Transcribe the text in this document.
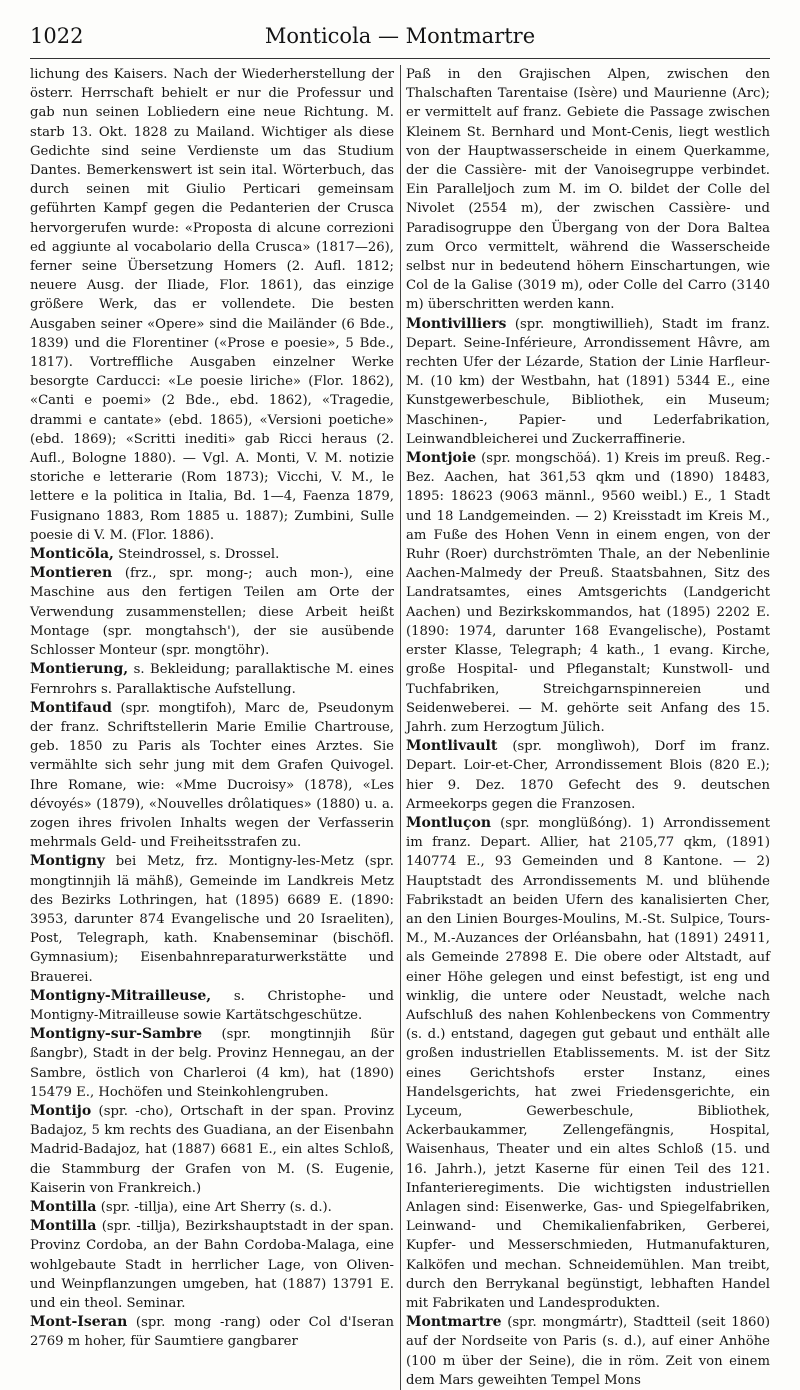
1022	Monticola — Montmartre

lichung des Kaisers. Nach der Wiederherstellung der österr. Herrschaft behielt er nur die Professur und gab nun seinen Lobliedern eine neue Richtung. M. starb 13. Okt. 1828 zu Mailand. Wichtiger als diese Gedichte sind seine Verdienste um das Studium Dantes. Bemerkenswert ist sein ital. Wörterbuch, das durch seinen mit Giulio Perticari gemeinsam geführten Kampf gegen die Pedanterien der Crusca hervorgerufen wurde: «Proposta di alcune correzioni ed aggiunte al vocabolario della Crusca» (1817—26), ferner seine Übersetzung Homers (2. Aufl. 1812; neuere Ausg. der Iliade, Flor. 1861), das einzige größere Werk, das er vollendete. Die besten Ausgaben seiner «Opere» sind die Mailänder (6 Bde., 1839) und die Florentiner («Prose e poesie», 5 Bde., 1817). Vortreffliche Ausgaben einzelner Werke besorgte Carducci: «Le poesie liriche» (Flor. 1862), «Canti e poemi» (2 Bde., ebd. 1862), «Tragedie, drammi e cantate» (ebd. 1865), «Versioni poetiche» (ebd. 1869); «Scritti inediti» gab Ricci heraus (2. Aufl., Bologne 1880). — Vgl. A. Monti, V. M. notizie storiche e letterarie (Rom 1873); Vicchi, V. M., le lettere e la politica in Italia, Bd. 1—4, Faenza 1879, Fusignano 1883, Rom 1885 u. 1887); Zumbini, Sulle poesie di V. M. (Flor. 1886).

Monticŏla, Steindrossel, s. Drossel.

Montieren (frz., spr. mong-; auch mon-), eine Maschine aus den fertigen Teilen am Orte der Verwendung zusammenstellen; diese Arbeit heißt Montage (spr. mongtahsch'), der sie ausübende Schlosser Monteur (spr. mongtöhr).

Montierung, s. Bekleidung; parallaktische M. eines Fernrohrs s. Parallaktische Aufstellung.

Montifaud (spr. mongtifoh), Marc de, Pseudonym der franz. Schriftstellerin Marie Emilie Chartrouse, geb. 1850 zu Paris als Tochter eines Arztes. Sie vermählte sich sehr jung mit dem Grafen Quivogel. Ihre Romane, wie: «Mme Ducroisy» (1878), «Les dévoyés» (1879), «Nouvelles drôlatiques» (1880) u. a. zogen ihres frivolen Inhalts wegen der Verfasserin mehrmals Geld- und Freiheitsstrafen zu.

Montigny bei Metz, frz. Montigny-les-Metz (spr. mongtinnjih lä mähß), Gemeinde im Landkreis Metz des Bezirks Lothringen, hat (1895) 6689 E. (1890: 3953, darunter 874 Evangelische und 20 Israeliten), Post, Telegraph, kath. Knabenseminar (bischöfl. Gymnasium); Eisenbahnreparaturwerkstätte und Brauerei.

Montigny-Mitrailleuse, s. Christophe- und Montigny-Mitrailleuse sowie Kartätschgeschütze.

Montigny-sur-Sambre (spr. mongtinnjih ßür ßangbr), Stadt in der belg. Provinz Hennegau, an der Sambre, östlich von Charleroi (4 km), hat (1890) 15479 E., Hochöfen und Steinkohlengruben.

Montijo (spr. -cho), Ortschaft in der span. Provinz Badajoz, 5 km rechts des Guadiana, an der Eisenbahn Madrid-Badajoz, hat (1887) 6681 E., ein altes Schloß, die Stammburg der Grafen von M. (S. Eugenie, Kaiserin von Frankreich.)

Montilla (spr. -tillja), eine Art Sherry (s. d.).

Montilla (spr. -tillja), Bezirkshauptstadt in der span. Provinz Cordoba, an der Bahn Cordoba-Malaga, eine wohlgebaute Stadt in herrlicher Lage, von Oliven- und Weinpflanzungen umgeben, hat (1887) 13791 E. und ein theol. Seminar.

Mont-Iseran (spr. mong -rang) oder Col d'Iseran 2769 m hoher, für Saumtiere gangbarer

Paß in den Grajischen Alpen, zwischen den Thalschaften Tarentaise (Isère) und Maurienne (Arc); er vermittelt auf franz. Gebiete die Passage zwischen Kleinem St. Bernhard und Mont-Cenis, liegt westlich von der Hauptwasserscheide in einem Querkamme, der die Cassière- mit der Vanoisegruppe verbindet. Ein Paralleljoch zum M. im O. bildet der Colle del Nivolet (2554 m), der zwischen Cassière- und Paradisogruppe den Übergang von der Dora Baltea zum Orco vermittelt, während die Wasserscheide selbst nur in bedeutend höhern Einschartungen, wie Col de la Galise (3019 m), oder Colle del Carro (3140 m) überschritten werden kann.

Montivilliers (spr. mongtiwillieh), Stadt im franz. Depart. Seine-Inférieure, Arrondissement Hâvre, am rechten Ufer der Lézarde, Station der Linie Harfleur-M. (10 km) der Westbahn, hat (1891) 5344 E., eine Kunstgewerbeschule, Bibliothek, ein Museum; Maschinen-, Papier- und Lederfabrikation, Leinwandbleicherei und Zuckerraffinerie.

Montjoie (spr. mongschöá). 1) Kreis im preuß. Reg.-Bez. Aachen, hat 361,53 qkm und (1890) 18483, 1895: 18623 (9063 männl., 9560 weibl.) E., 1 Stadt und 18 Landgemeinden. — 2) Kreisstadt im Kreis M., am Fuße des Hohen Venn in einem engen, von der Ruhr (Roer) durchströmten Thale, an der Nebenlinie Aachen-Malmedy der Preuß. Staatsbahnen, Sitz des Landratsamtes, eines Amtsgerichts (Landgericht Aachen) und Bezirkskommandos, hat (1895) 2202 E. (1890: 1974, darunter 168 Evangelische), Postamt erster Klasse, Telegraph; 4 kath., 1 evang. Kirche, große Hospital- und Pfleganstalt; Kunstwoll- und Tuchfabriken, Streichgarnspinnereien und Seidenweberei. — M. gehörte seit Anfang des 15. Jahrh. zum Herzogtum Jülich.

Montlivault (spr. monglìwoh), Dorf im franz. Depart. Loir-et-Cher, Arrondissement Blois (820 E.); hier 9. Dez. 1870 Gefecht des 9. deutschen Armeekorps gegen die Franzosen.

Montluçon (spr. monglüßóng). 1) Arrondissement im franz. Depart. Allier, hat 2105,77 qkm, (1891) 140774 E., 93 Gemeinden und 8 Kantone. — 2) Hauptstadt des Arrondissements M. und blühende Fabrikstadt an beiden Ufern des kanalisierten Cher, an den Linien Bourges-Moulins, M.-St. Sulpice, Tours-M., M.-Auzances der Orléansbahn, hat (1891) 24911, als Gemeinde 27898 E. Die obere oder Altstadt, auf einer Höhe gelegen und einst befestigt, ist eng und winklig, die untere oder Neustadt, welche nach Aufschluß des nahen Kohlenbeckens von Commentry (s. d.) entstand, dagegen gut gebaut und enthält alle großen industriellen Etablissements. M. ist der Sitz eines Gerichtshofs erster Instanz, eines Handelsgerichts, hat zwei Friedensgerichte, ein Lyceum, Gewerbeschule, Bibliothek, Ackerbaukammer, Zellengefängnis, Hospital, Waisenhaus, Theater und ein altes Schloß (15. und 16. Jahrh.), jetzt Kaserne für einen Teil des 121. Infanterieregiments. Die wichtigsten industriellen Anlagen sind: Eisenwerke, Gas- und Spiegelfabriken, Leinwand- und Chemikalienfabriken, Gerberei, Kupfer- und Messerschmieden, Hutmanufakturen, Kalköfen und mechan. Schneidemühlen. Man treibt, durch den Berrykanal begünstigt, lebhaften Handel mit Fabrikaten und Landesprodukten.

Montmartre (spr. mongmártr), Stadtteil (seit 1860) auf der Nordseite von Paris (s. d.), auf einer Anhöhe (100 m über der Seine), die in röm. Zeit von einem dem Mars geweihten Tempel Mons
